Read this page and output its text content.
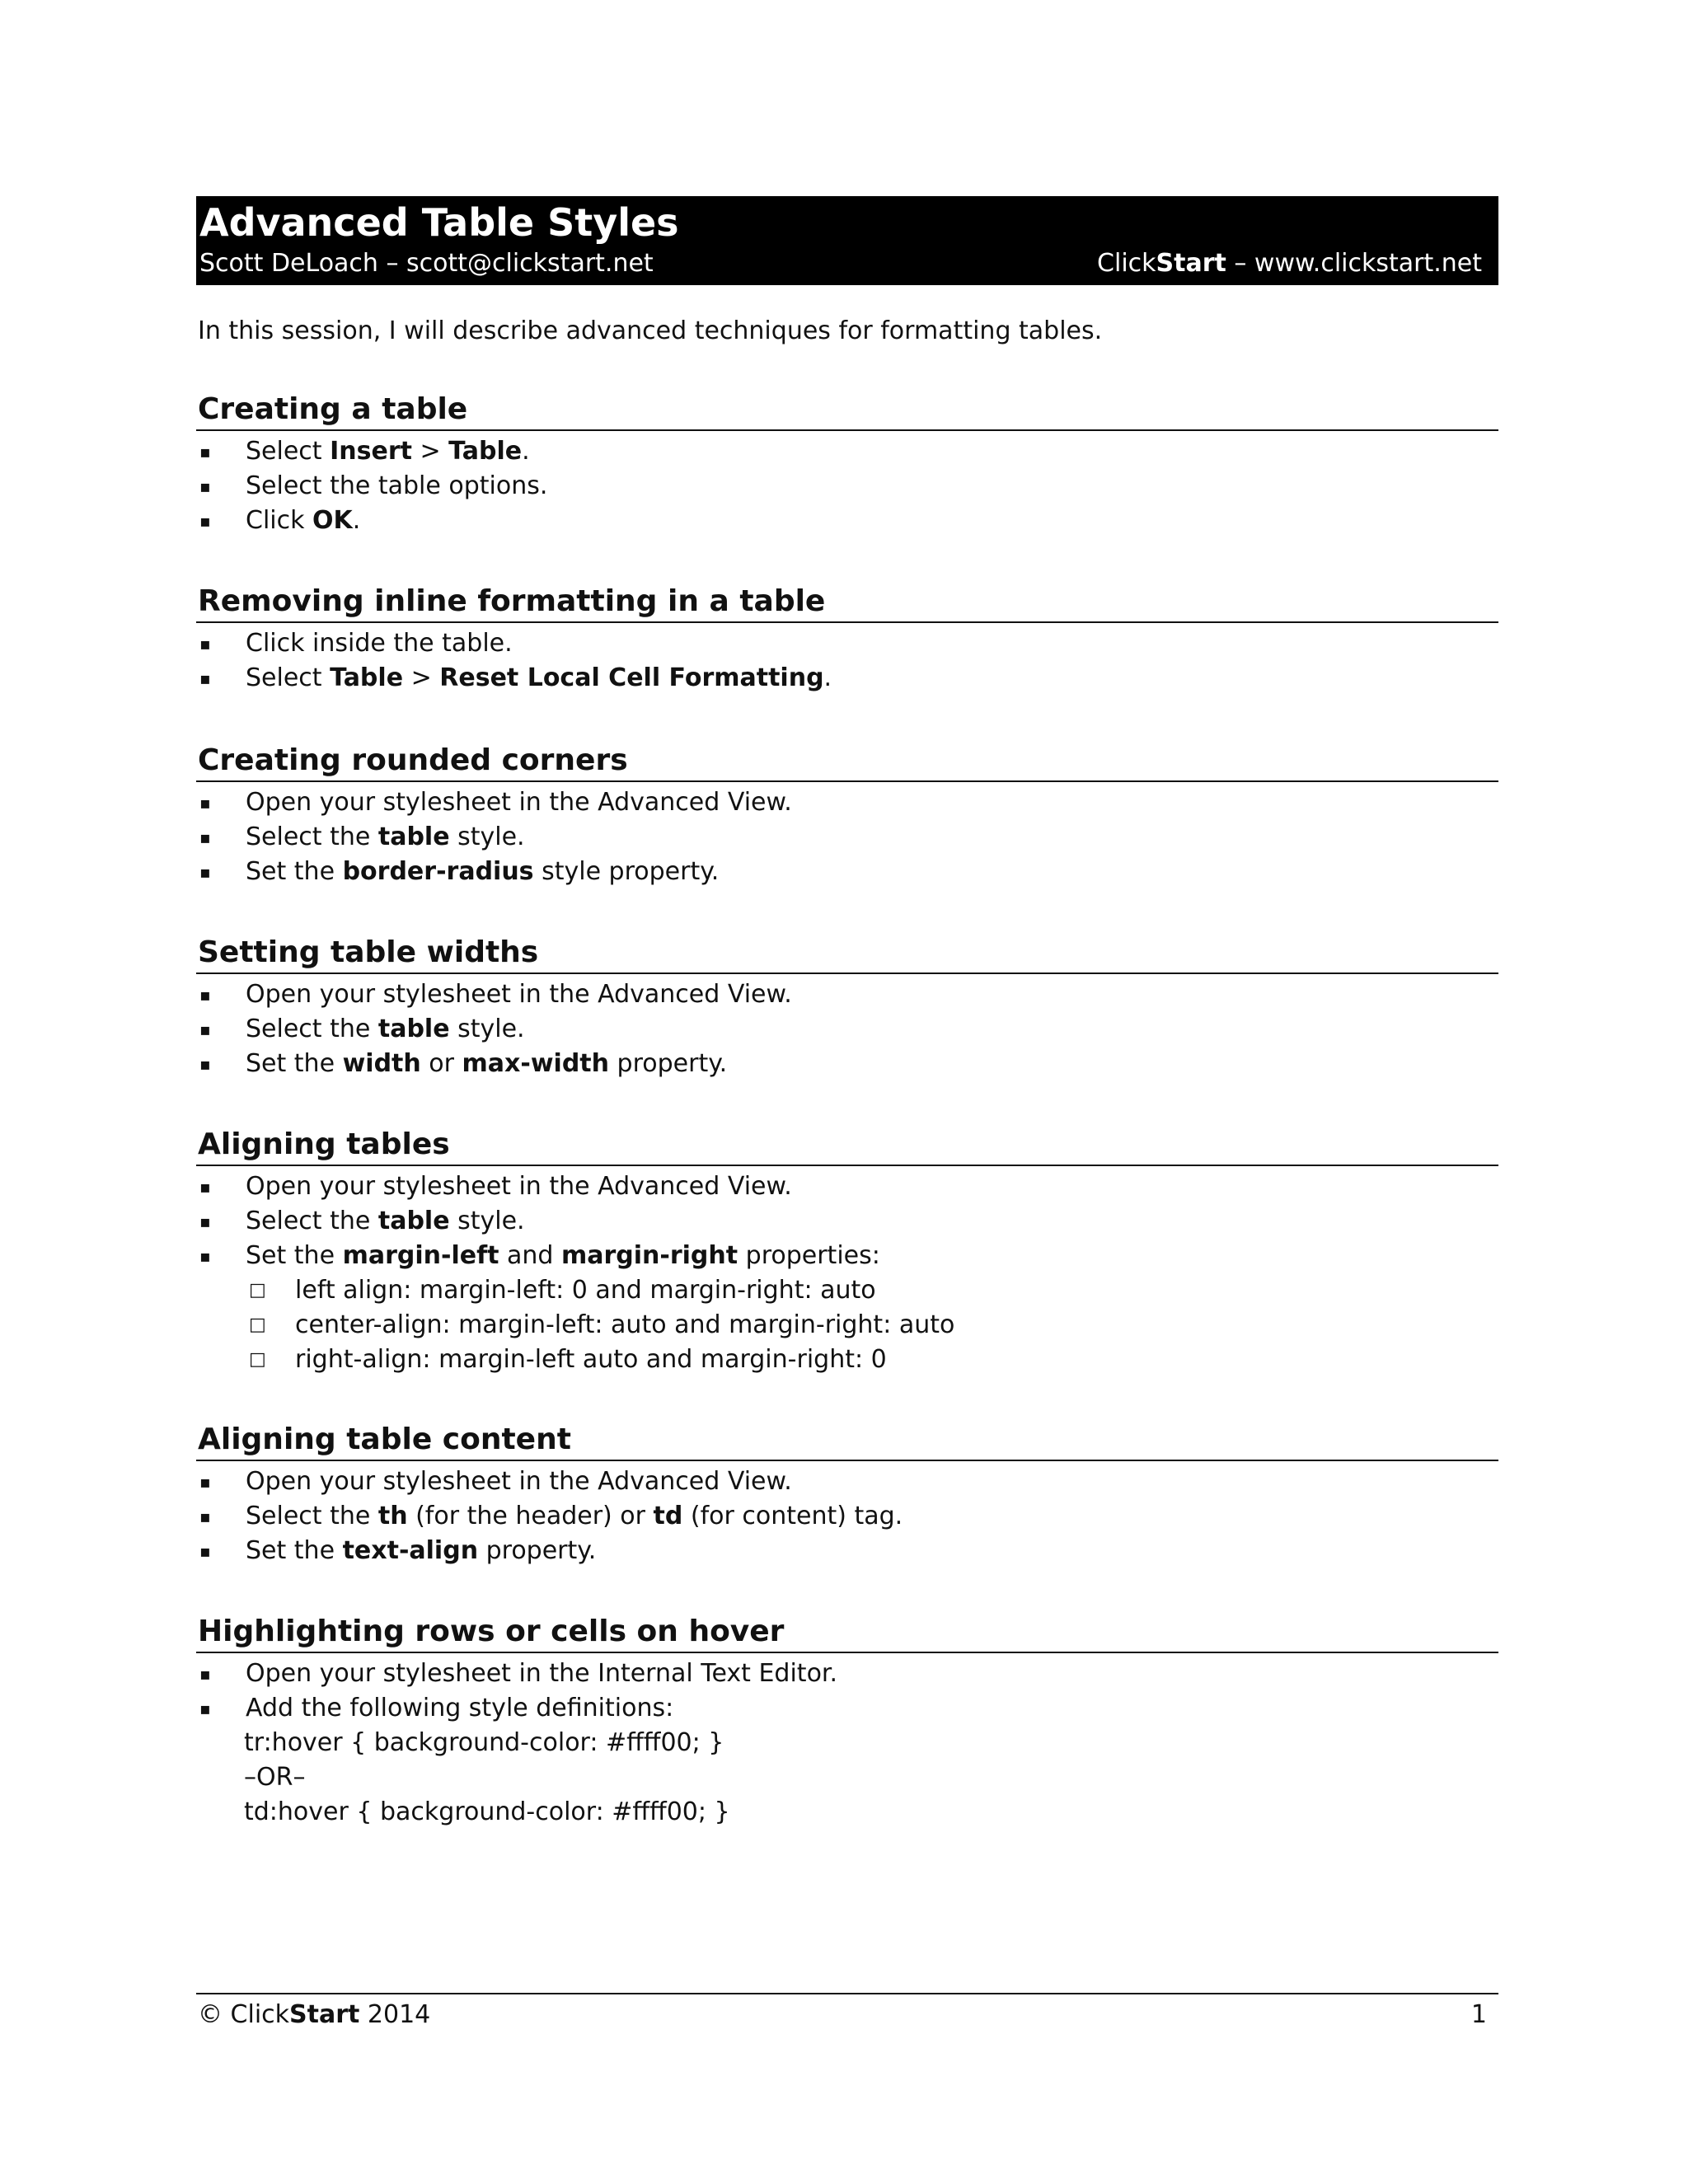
Advanced Table Styles
Scott DeLoach – scott@clickstart.net	ClickStart – www.clickstart.net
In this session, I will describe advanced techniques for formatting tables.
Creating a table
▪	Select Insert > Table.
▪	Select the table options.
▪	Click OK.
Removing inline formatting in a table
▪	Click inside the table.
▪	Select Table > Reset Local Cell Formatting.
Creating rounded corners
▪	Open your stylesheet in the Advanced View.
▪	Select the table style.
▪	Set the border-radius style property.
Setting table widths
▪	Open your stylesheet in the Advanced View.
▪	Select the table style.
▪	Set the width or max-width property.
Aligning tables
▪	Open your stylesheet in the Advanced View.
▪	Select the table style.
▪	Set the margin-left and margin-right properties:
□	left align: margin-left: 0 and margin-right: auto
□	center-align: margin-left: auto and margin-right: auto
□	right-align: margin-left auto and margin-right: 0
Aligning table content
▪	Open your stylesheet in the Advanced View.
▪	Select the th (for the header) or td (for content) tag.
▪	Set the text-align property.
Highlighting rows or cells on hover
▪	Open your stylesheet in the Internal Text Editor.
▪	Add the following style definitions:
tr:hover { background-color: #ffff00; }
–OR–
td:hover { background-color: #ffff00; }
© ClickStart 2014	1
